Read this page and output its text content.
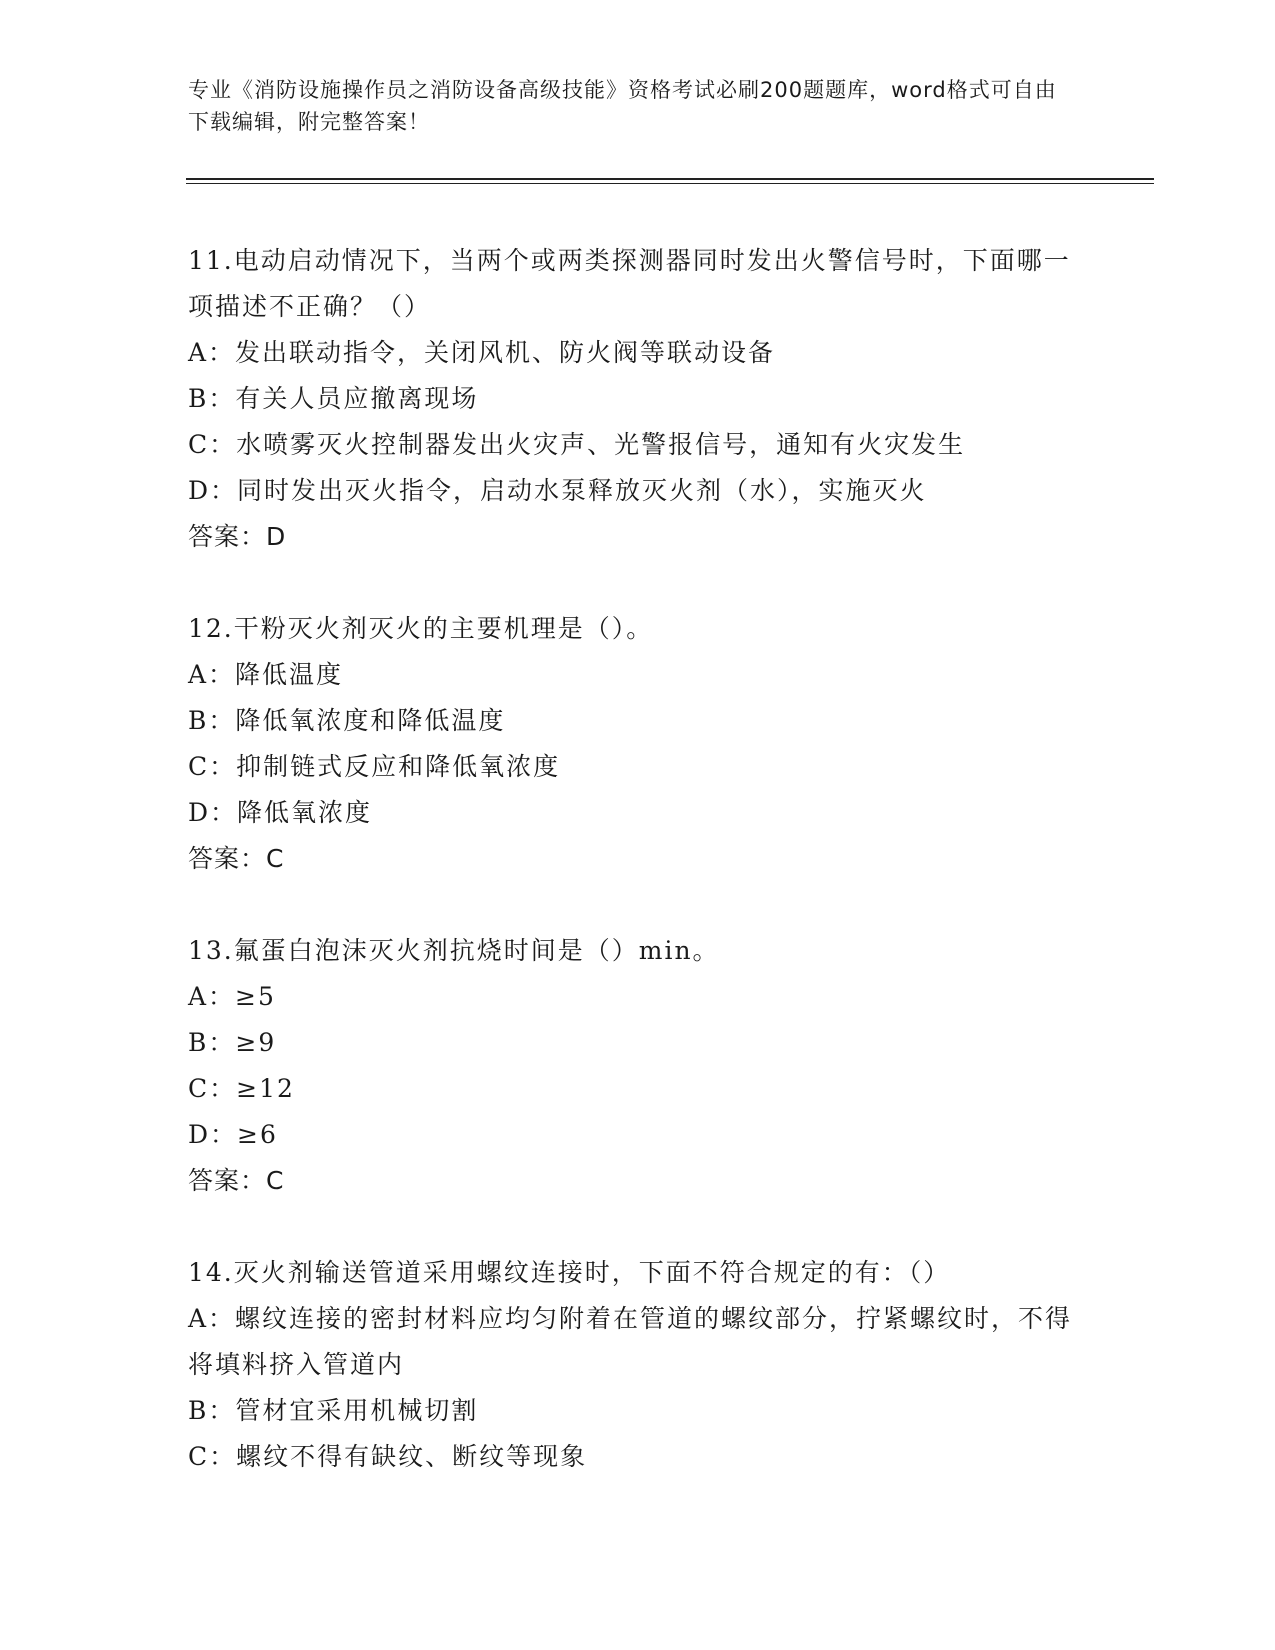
专业《消防设施操作员之消防设备高级技能》资格考试必刷200题题库，word格式可自由下载编辑，附完整答案！
11.电动启动情况下，当两个或两类探测器同时发出火警信号时，下面哪一项描述不正确？（）
A：发出联动指令，关闭风机、防火阀等联动设备
B：有关人员应撤离现场
C：水喷雾灭火控制器发出火灾声、光警报信号，通知有火灾发生
D：同时发出灭火指令，启动水泵释放灭火剂（水），实施灭火
答案：D
12.干粉灭火剂灭火的主要机理是（）。
A：降低温度
B：降低氧浓度和降低温度
C：抑制链式反应和降低氧浓度
D：降低氧浓度
答案：C
13.氟蛋白泡沫灭火剂抗烧时间是（）min。
A：≥5
B：≥9
C：≥12
D：≥6
答案：C
14.灭火剂输送管道采用螺纹连接时，下面不符合规定的有：（）
A：螺纹连接的密封材料应均匀附着在管道的螺纹部分，拧紧螺纹时，不得将填料挤入管道内
B：管材宜采用机械切割
C：螺纹不得有缺纹、断纹等现象
